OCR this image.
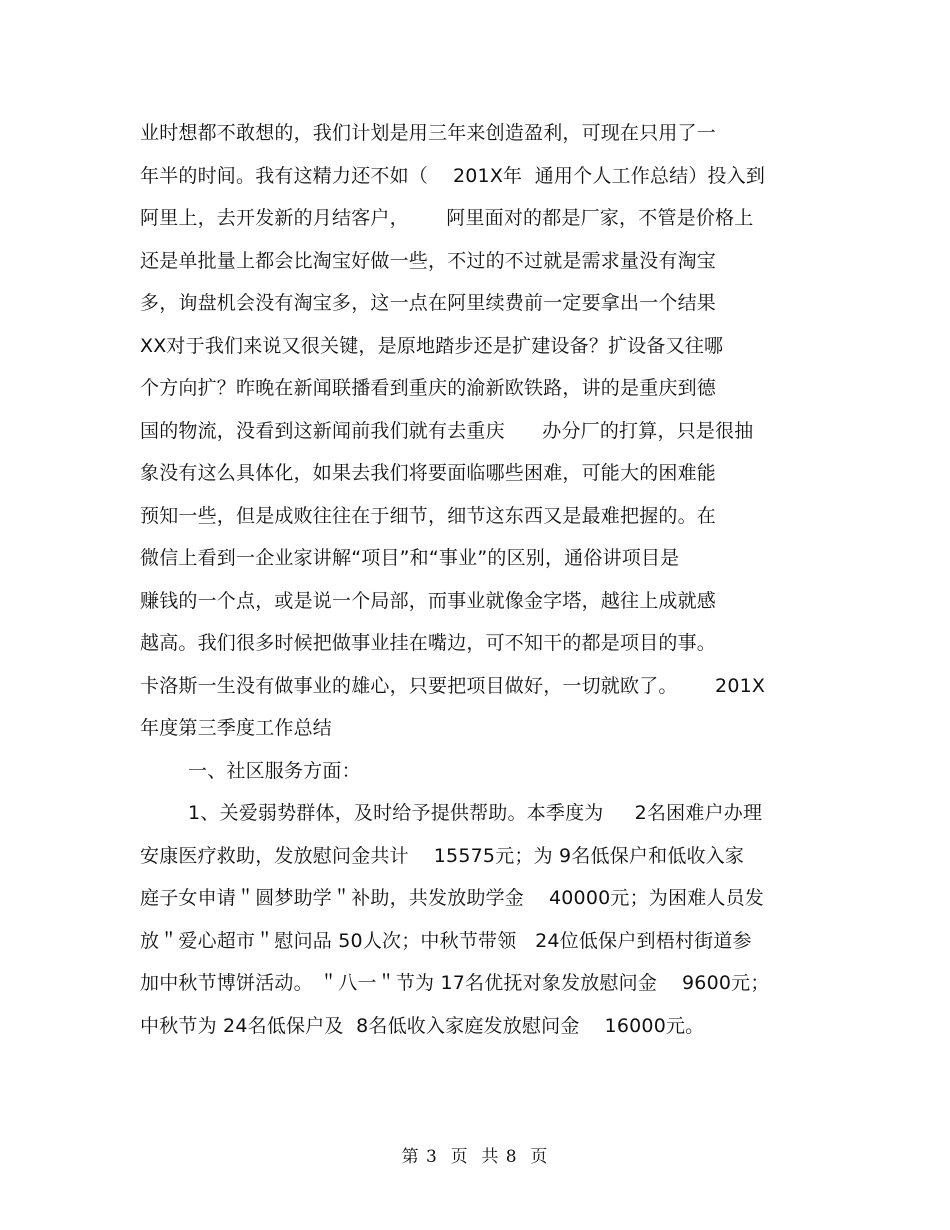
业时想都不敢想的，我们计划是用三年来创造盈利，可现在只用了一
年半的时间。我有这精力还不如（    201X年  通用个人工作总结）投入到
阿里上，去开发新的月结客户，      阿里面对的都是厂家，不管是价格上
还是单批量上都会比淘宝好做一些，不过的不过就是需求量没有淘宝
多，询盘机会没有淘宝多，这一点在阿里续费前一定要拿出一个结果
XX对于我们来说又很关键，是原地踏步还是扩建设备？扩设备又往哪
个方向扩？昨晚在新闻联播看到重庆的渝新欧铁路，讲的是重庆到德
国的物流，没看到这新闻前我们就有去重庆      办分厂的打算，只是很抽
象没有这么具体化，如果去我们将要面临哪些困难，可能大的困难能
预知一些，但是成败往往在于细节，细节这东西又是最难把握的。在
微信上看到一企业家讲解“项目”和“事业”的区别，通俗讲项目是
赚钱的一个点，或是说一个局部，而事业就像金字塔，越往上成就感
越高。我们很多时候把做事业挂在嘴边，可不知干的都是项目的事。
卡洛斯一生没有做事业的雄心，只要把项目做好，一切就欧了。      201X
年度第三季度工作总结
一、社区服务方面：
1、关爱弱势群体，及时给予提供帮助。本季度为     2名困难户办理
安康医疗救助，发放慰问金共计    15575元；为 9名低保户和低收入家
庭子女申请＂圆梦助学＂补助，共发放助学金    40000元；为困难人员发
放＂爱心超市＂慰问品 50人次；中秋节带领   24位低保户到梧村街道参
加中秋节博饼活动。 ＂八一＂节为 17名优抚对象发放慰问金    9600元；
中秋节为 24名低保户及  8名低收入家庭发放慰问金    16000元。
第 3  页  共 8  页
